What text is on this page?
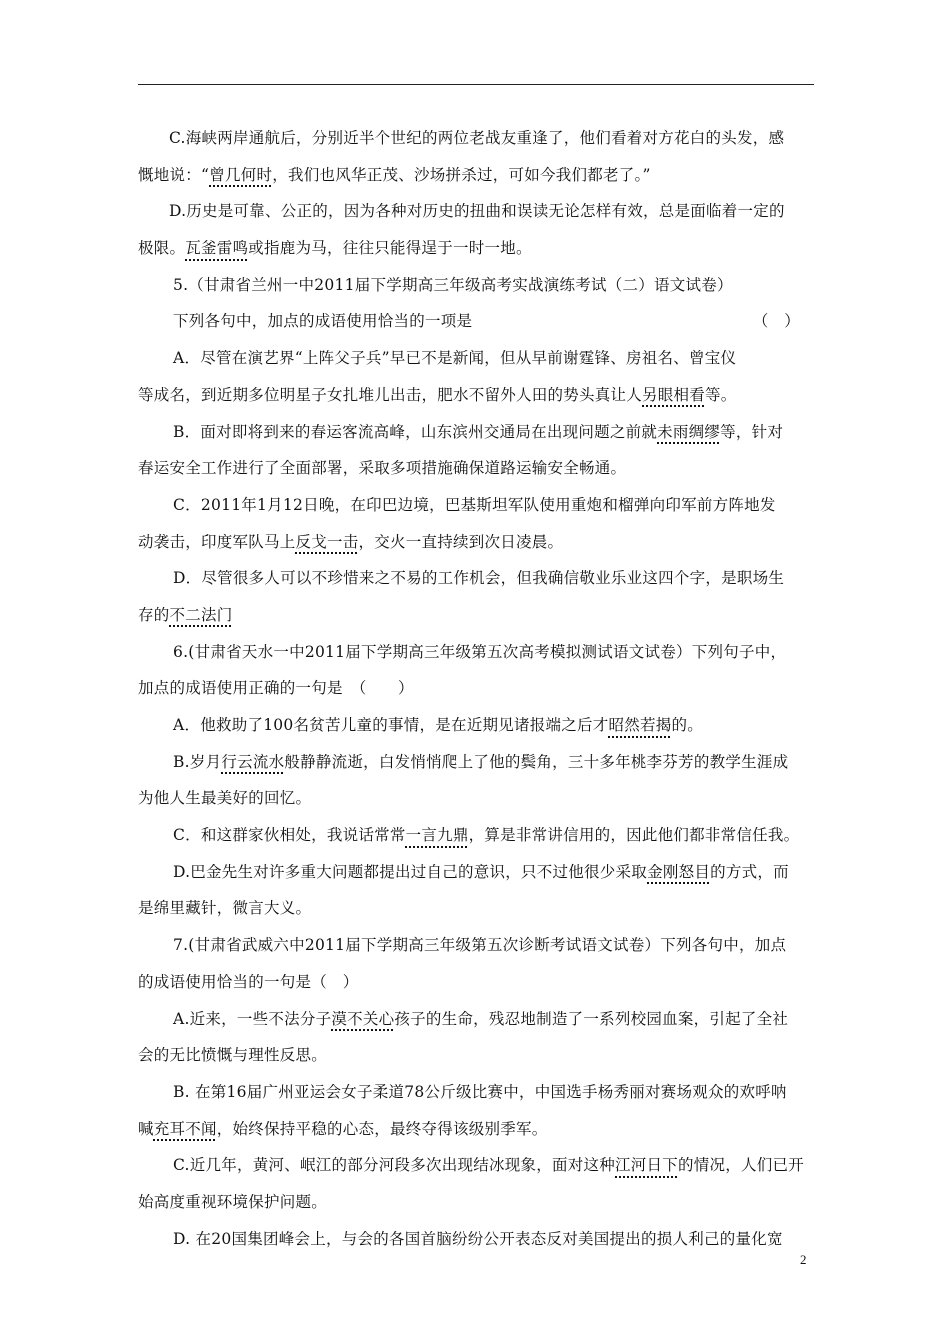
C.海峡两岸通航后，分别近半个世纪的两位老战友重逢了，他们看着对方花白的头发，感
慨地说：“曾几何时，我们也风华正茂、沙场拼杀过，可如今我们都老了。”
D.历史是可靠、公正的，因为各种对历史的扭曲和误读无论怎样有效，总是面临着一定的
极限。瓦釜雷鸣或指鹿为马，往往只能得逞于一时一地。
5.（甘肃省兰州一中2011届下学期高三年级高考实战演练考试（二）语文试卷）
下列各句中，加点的成语使用恰当的一项是	（　）
A．尽管在演艺界“上阵父子兵”早已不是新闻，但从早前谢霆锋、房祖名、曾宝仪
等成名，到近期多位明星子女扎堆儿出击，肥水不留外人田的势头真让人另眼相看等。
B．面对即将到来的春运客流高峰，山东滨州交通局在出现问题之前就未雨绸缪等，针对
春运安全工作进行了全面部署，采取多项措施确保道路运输安全畅通。
C．2011年1月12日晚，在印巴边境，巴基斯坦军队使用重炮和榴弹向印军前方阵地发
动袭击，印度军队马上反戈一击，交火一直持续到次日凌晨。
D．尽管很多人可以不珍惜来之不易的工作机会，但我确信敬业乐业这四个字，是职场生
存的不二法门
6.(甘肃省天水一中2011届下学期高三年级第五次高考模拟测试语文试卷）下列句子中，
加点的成语使用正确的一句是　（　　）
A．他救助了100名贫苦儿童的事情，是在近期见诸报端之后才昭然若揭的。
B.岁月行云流水般静静流逝，白发悄悄爬上了他的鬓角，三十多年桃李芬芳的教学生涯成
为他人生最美好的回忆。
C．和这群家伙相处，我说话常常一言九鼎，算是非常讲信用的，因此他们都非常信任我。
D.巴金先生对许多重大问题都提出过自己的意识，只不过他很少采取金刚怒目的方式，而
是绵里藏针，微言大义。
7.(甘肃省武威六中2011届下学期高三年级第五次诊断考试语文试卷）下列各句中，加点
的成语使用恰当的一句是（　）
A.近来，一些不法分子漠不关心孩子的生命，残忍地制造了一系列校园血案，引起了全社
会的无比愤慨与理性反思。
B. 在第16届广州亚运会女子柔道78公斤级比赛中，中国选手杨秀丽对赛场观众的欢呼呐
喊充耳不闻，始终保持平稳的心态，最终夺得该级别季军。
C.近几年，黄河、岷江的部分河段多次出现结冰现象，面对这种江河日下的情况，人们已开
始高度重视环境保护问题。
D. 在20国集团峰会上，与会的各国首脑纷纷公开表态反对美国提出的损人利己的量化宽
2
